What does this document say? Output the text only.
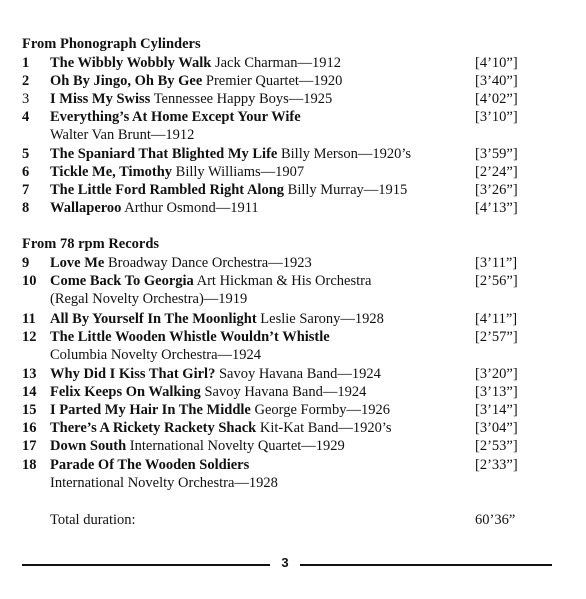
From Phonograph Cylinders
1 The Wibbly Wobbly Walk Jack Charman—1912	[4’10”]
2 Oh By Jingo, Oh By Gee Premier Quartet—1920	[3’40”]
3 I Miss My Swiss Tennessee Happy Boys—1925	[4’02”]
4 Everything’s At Home Except Your Wife	[3’10”]
Walter Van Brunt—1912
5 The Spaniard That Blighted My Life Billy Merson—1920’s	[3’59”]
6 Tickle Me, Timothy Billy Williams—1907	[2’24”]
7 The Little Ford Rambled Right Along Billy Murray—1915	[3’26”]
8 Wallaperoo Arthur Osmond—1911	[4’13”]
From 78 rpm Records
9 Love Me Broadway Dance Orchestra—1923	[3’11”]
10 Come Back To Georgia Art Hickman & His Orchestra	[2’56”]
(Regal Novelty Orchestra)—1919
11 All By Yourself In The Moonlight Leslie Sarony—1928	[4’11”]
12 The Little Wooden Whistle Wouldn’t Whistle	[2’57”]
Columbia Novelty Orchestra—1924
13 Why Did I Kiss That Girl? Savoy Havana Band—1924	[3’20”]
14 Felix Keeps On Walking Savoy Havana Band—1924	[3’13”]
15 I Parted My Hair In The Middle George Formby—1926	[3’14”]
16 There’s A Rickety Rackety Shack Kit-Kat Band—1920’s	[3’04”]
17 Down South International Novelty Quartet—1929	[2’53”]
18 Parade Of The Wooden Soldiers	[2’33”]
International Novelty Orchestra—1928
Total duration:	60’36”
3
